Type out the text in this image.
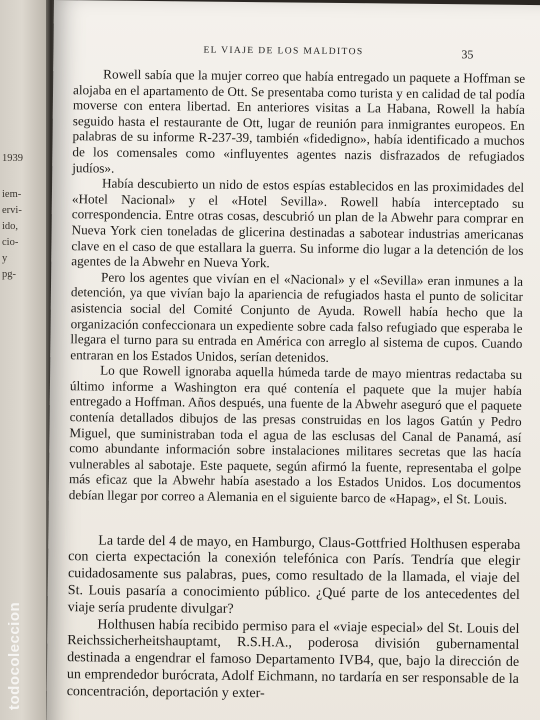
1939
iem-
ervi-
ido,
cio-
y
pg-
EL VIAJE DE LOS MALDITOS	35

Rowell sabía que la mujer correo que había entregado un paquete a Hoffman se alojaba en el apartamento de Ott. Se presentaba como turista y en calidad de tal podía moverse con entera libertad. En anteriores visitas a La Habana, Rowell la había seguido hasta el restaurante de Ott, lugar de reunión para inmigrantes europeos. En palabras de su informe R-237-39, también «fidedigno», había identificado a muchos de los comensales como «influyentes agentes nazis disfrazados de refugiados judíos».

Había descubierto un nido de estos espías establecidos en las proximidades del «Hotel Nacional» y el «Hotel Sevilla». Rowell había interceptado su correspondencia. Entre otras cosas, descubrió un plan de la Abwehr para comprar en Nueva York cien toneladas de glicerina destinadas a sabotear industrias americanas clave en el caso de que estallara la guerra. Su informe dio lugar a la detención de los agentes de la Abwehr en Nueva York.

Pero los agentes que vivían en el «Nacional» y el «Sevilla» eran inmunes a la detención, ya que vivían bajo la apariencia de refugiados hasta el punto de solicitar asistencia social del Comité Conjunto de Ayuda. Rowell había hecho que la organización confeccionara un expediente sobre cada falso refugiado que esperaba le llegara el turno para su entrada en América con arreglo al sistema de cupos. Cuando entraran en los Estados Unidos, serían detenidos.

Lo que Rowell ignoraba aquella húmeda tarde de mayo mientras redactaba su último informe a Washington era qué contenía el paquete que la mujer había entregado a Hoffman. Años después, una fuente de la Abwehr aseguró que el paquete contenía detallados dibujos de las presas construidas en los lagos Gatún y Pedro Miguel, que suministraban toda el agua de las esclusas del Canal de Panamá, así como abundante información sobre instalaciones militares secretas que las hacía vulnerables al sabotaje. Este paquete, según afirmó la fuente, representaba el golpe más eficaz que la Abwehr había asestado a los Estados Unidos. Los documentos debían llegar por correo a Alemania en el siguiente barco de «Hapag», el St. Louis.

La tarde del 4 de mayo, en Hamburgo, Claus-Gottfried Holthusen esperaba con cierta expectación la conexión telefónica con París. Tendría que elegir cuidadosamente sus palabras, pues, como resultado de la llamada, el viaje del St. Louis pasaría a conocimiento público. ¿Qué parte de los antecedentes del viaje sería prudente divulgar?

Holthusen había recibido permiso para el «viaje especial» del St. Louis del Reichssicherheitshauptamt, R.S.H.A., poderosa división gubernamental destinada a engendrar el famoso Departamento IVB4, que, bajo la dirección de un emprendedor burócrata, Adolf Eichmann, no tardaría en ser responsable de la concentración, deportación y exter-

todocoleccion
